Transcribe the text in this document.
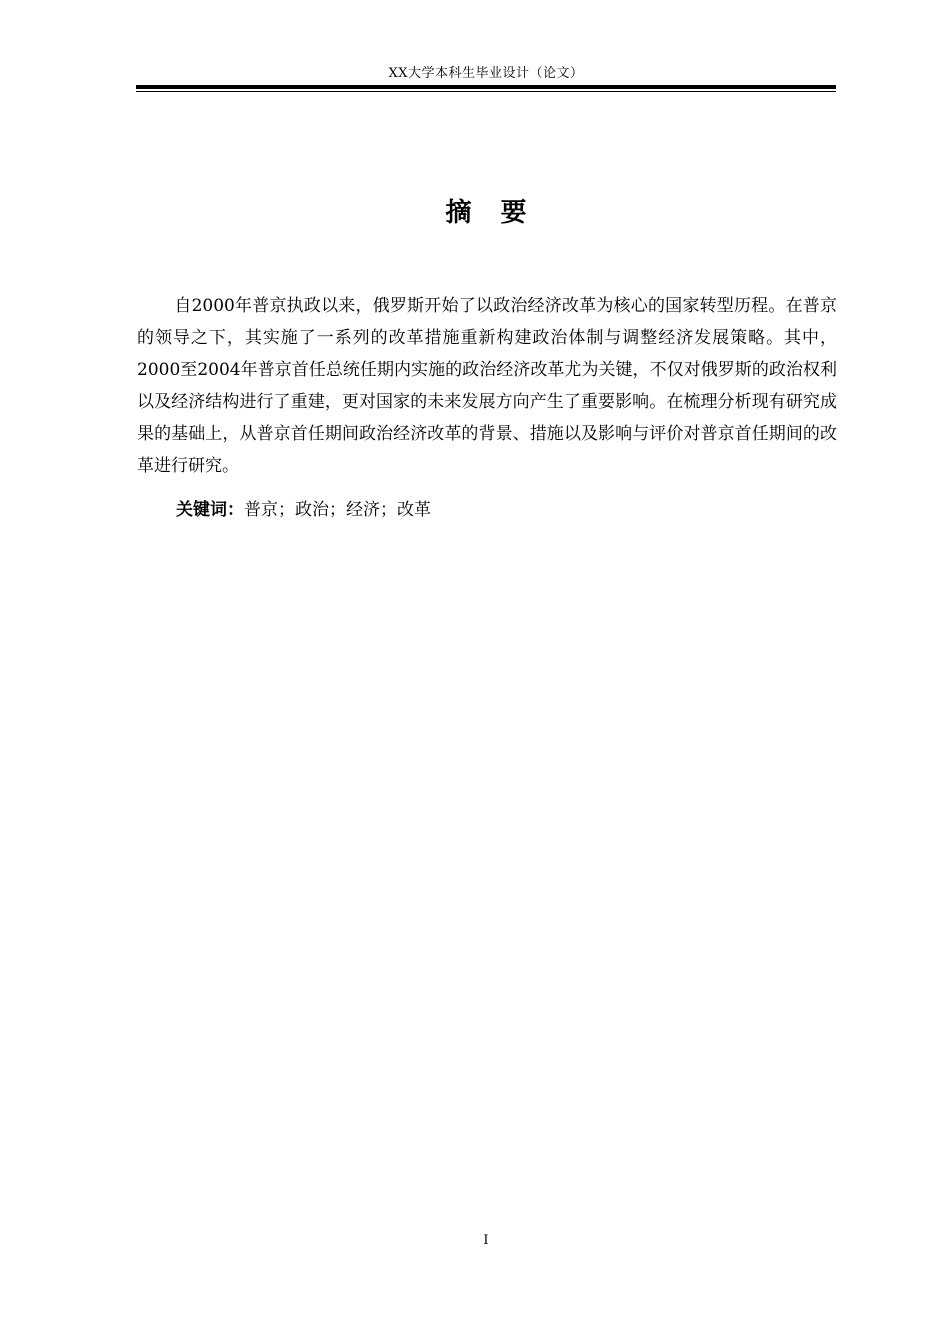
XX大学本科生毕业设计（论文）
摘 要

自2000年普京执政以来，俄罗斯开始了以政治经济改革为核心的国家转型历程。在普京的领导之下，其实施了一系列的改革措施重新构建政治体制与调整经济发展策略。其中，2000至2004年普京首任总统任期内实施的政治经济改革尤为关键，不仅对俄罗斯的政治权利以及经济结构进行了重建，更对国家的未来发展方向产生了重要影响。在梳理分析现有研究成果的基础上，从普京首任期间政治经济改革的背景、措施以及影响与评价对普京首任期间的改革进行研究。

关键词：普京；政治；经济；改革
I
